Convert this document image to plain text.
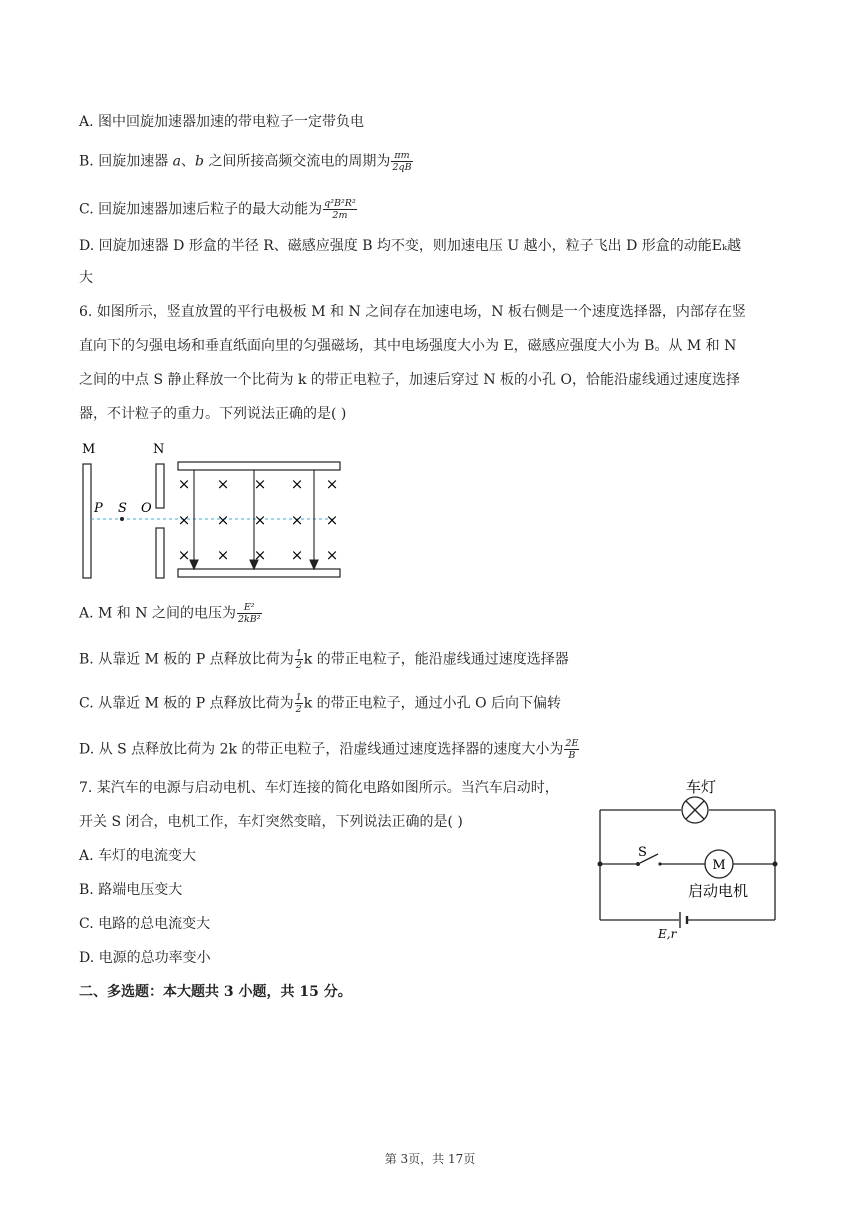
A. 图中回旋加速器加速的带电粒子一定带负电
B. 回旋加速器 a、b 之间所接高频交流电的周期为 $\frac{\pi m}{2qB}$
C. 回旋加速器加速后粒子的最大动能为 $\frac{\text{q²B²R²}}{2m}$
D. 回旋加速器 D 形盒的半径 R、磁感应强度 B 均不变，则加速电压 U 越小，粒子飞出 D 形盒的动能Eₖ越
大
6. 如图所示，竖直放置的平行电极板 M 和 N 之间存在加速电场，N 板右侧是一个速度选择器，内部存在竖
直向下的匀强电场和垂直纸面向里的匀强磁场，其中电场强度大小为 E，磁感应强度大小为 B。从 M 和 N
之间的中点 S 静止释放一个比荷为 k 的带正电粒子，加速后穿过 N 板的小孔 O，恰能沿虚线通过速度选择
器，不计粒子的重力。下列说法正确的是( )
M	N
P S O
× × × × ×
× × × × ×
× × × × ×
A. M 和 N 之间的电压为 $\frac{\text{E²}}{\text{2kB²}}$
B. 从靠近 M 板的 P 点释放比荷为 $\frac{1}{2}$ k 的带正电粒子，能沿虚线通过速度选择器
C. 从靠近 M 板的 P 点释放比荷为 $\frac{1}{2}$ k 的带正电粒子，通过小孔 O 后向下偏转
D. 从 S 点释放比荷为 2k 的带正电粒子，沿虚线通过速度选择器的速度大小为 $\frac{2E}{B}$
7. 某汽车的电源与启动电机、车灯连接的简化电路如图所示。当汽车启动时，
开关 S 闭合，电机工作，车灯突然变暗，下列说法正确的是( )
A. 车灯的电流变大
B. 路端电压变大
C. 电路的总电流变大
D. 电源的总功率变小
车灯
S
M
启动电机
E,r
二、多选题：本大题共 3 小题，共 15 分。
第 3页，共 17页
